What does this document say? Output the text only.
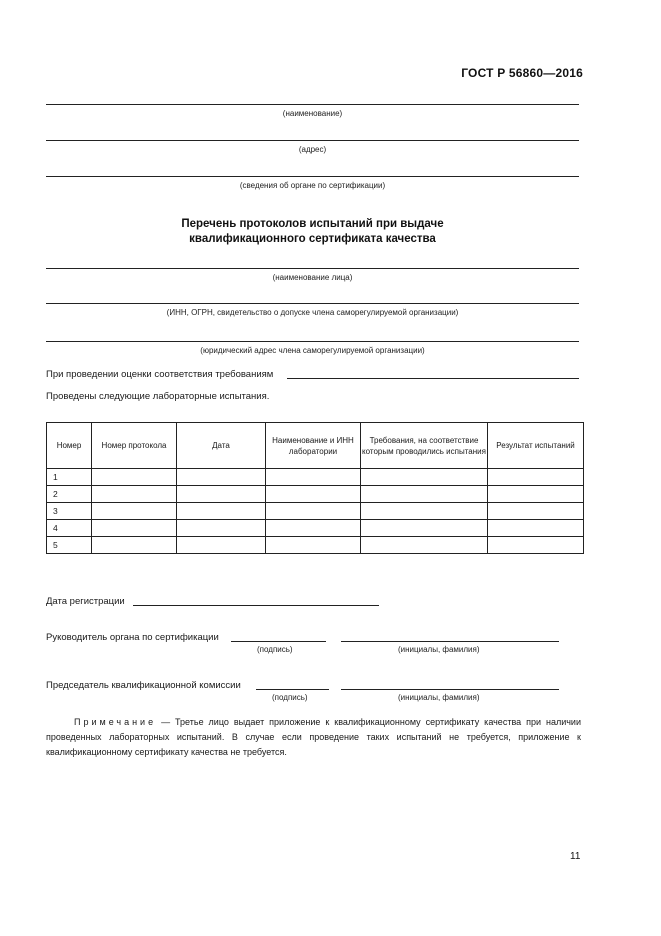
ГОСТ Р 56860—2016
(наименование)
(адрес)
(сведения об органе по сертификации)
Перечень протоколов испытаний при выдаче
квалификационного сертификата качества
(наименование лица)
(ИНН, ОГРН, свидетельство о допуске члена саморегулируемой организации)
(юридический адрес члена саморегулируемой организации)
При проведении оценки соответствия требованиям
Проведены следующие лабораторные испытания.
Номер	Номер протокола	Дата	Наименование и ИНН лаборатории	Требования, на соответствие которым проводились испытания	Результат испытаний
1					
2					
3					
4					
5					
Дата регистрации
Руководитель органа по сертификации
(подпись)	(инициалы, фамилия)
Председатель квалификационной комиссии
(подпись)	(инициалы, фамилия)
Примечание — Третье лицо выдает приложение к квалификационному сертификату качества при наличии проведенных лабораторных испытаний. В случае если проведение таких испытаний не требуется, приложение к квалификационному сертификату качества не требуется.
11
